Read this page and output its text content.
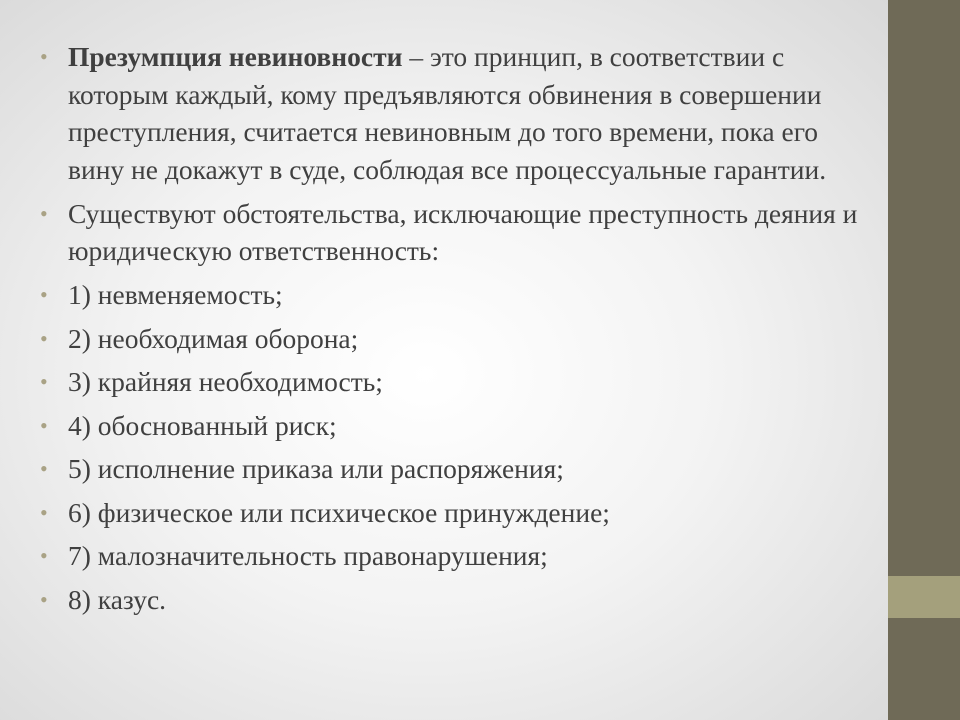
• Презумпция невиновности – это принцип, в соответствии с которым каждый, кому предъявляются обвинения в совершении преступления, считается невиновным до того времени, пока его вину не докажут в суде, соблюдая все процессуальные гарантии.
• Существуют обстоятельства, исключающие преступность деяния и юридическую ответственность:
• 1) невменяемость;
• 2) необходимая оборона;
• 3) крайняя необходимость;
• 4) обоснованный риск;
• 5) исполнение приказа или распоряжения;
• 6) физическое или психическое принуждение;
• 7) малозначительность правонарушения;
• 8) казус.
